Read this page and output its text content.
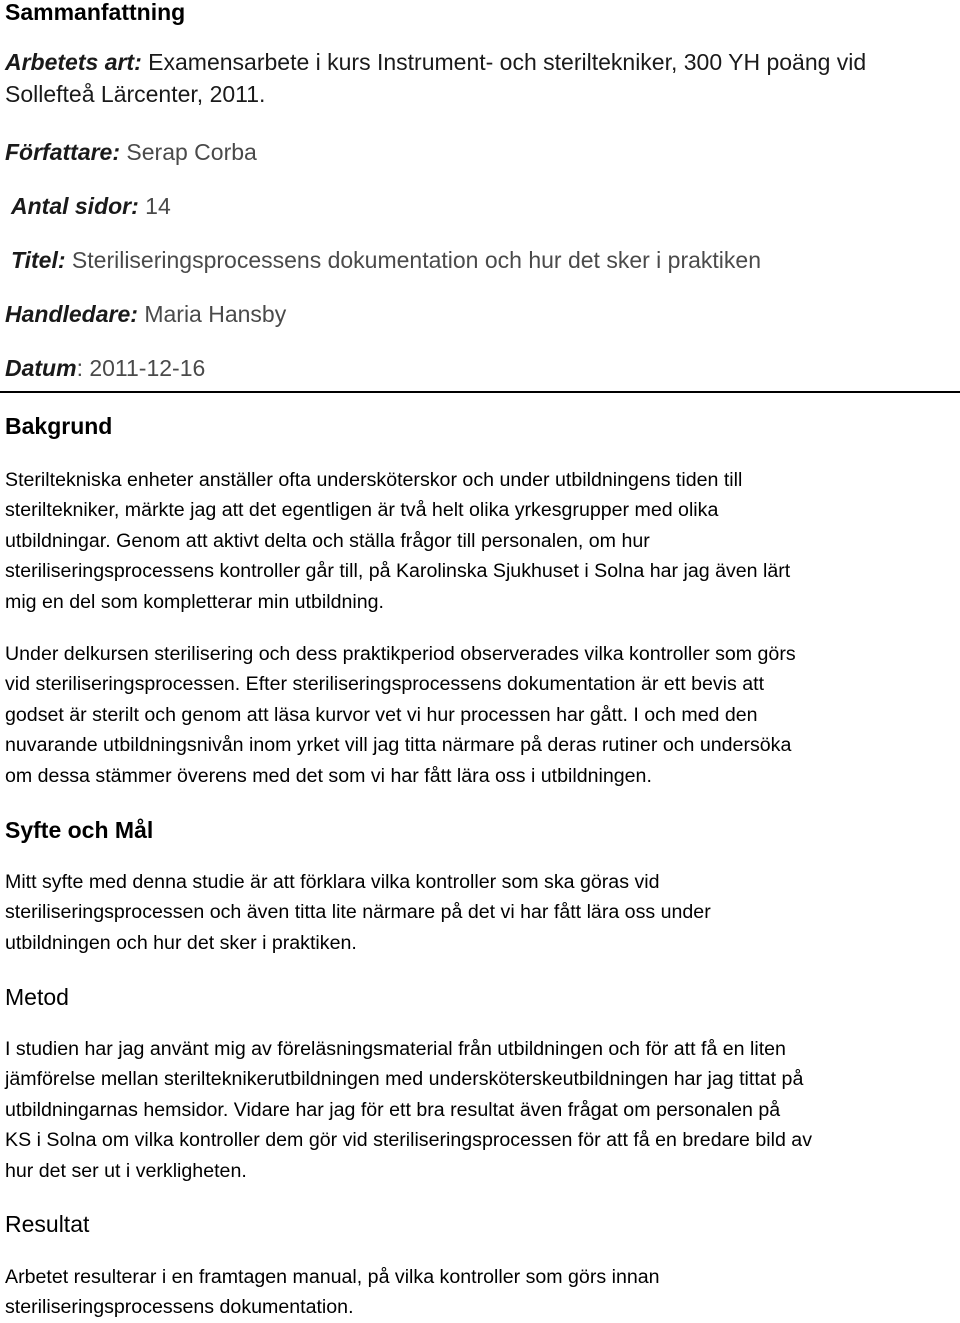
Sammanfattning
Arbetets art: Examensarbete i kurs Instrument- och steriltekniker, 300 YH poäng vid
Sollefteå Lärcenter, 2011.
Författare: Serap Corba
Antal sidor: 14
Titel: Steriliseringsprocessens dokumentation och hur det sker i praktiken
Handledare: Maria Hansby
Datum: 2011-12-16
Bakgrund

Steriltekniska enheter anställer ofta undersköterskor och under utbildningens tiden till
steriltekniker, märkte jag att det egentligen är två helt olika yrkesgrupper med olika
utbildningar. Genom att aktivt delta och ställa frågor till personalen, om hur
steriliseringsprocessens kontroller går till, på Karolinska Sjukhuset i Solna har jag även lärt
mig en del som kompletterar min utbildning.

Under delkursen sterilisering och dess praktikperiod observerades vilka kontroller som görs
vid steriliseringsprocessen. Efter steriliseringsprocessens dokumentation är ett bevis att
godset är sterilt och genom att läsa kurvor vet vi hur processen har gått. I och med den
nuvarande utbildningsnivån inom yrket vill jag titta närmare på deras rutiner och undersöka
om dessa stämmer överens med det som vi har fått lära oss i utbildningen.

Syfte och Mål

Mitt syfte med denna studie är att förklara vilka kontroller som ska göras vid
steriliseringsprocessen och även titta lite närmare på det vi har fått lära oss under
utbildningen och hur det sker i praktiken.

Metod

I studien har jag använt mig av föreläsningsmaterial från utbildningen och för att få en liten
jämförelse mellan sterilteknikerutbildningen med undersköterskeutbildningen har jag tittat på
utbildningarnas hemsidor. Vidare har jag för ett bra resultat även frågat om personalen på
KS i Solna om vilka kontroller dem gör vid steriliseringsprocessen för att få en bredare bild av
hur det ser ut i verkligheten.

Resultat

Arbetet resulterar i en framtagen manual, på vilka kontroller som görs innan
steriliseringsprocessens dokumentation.
